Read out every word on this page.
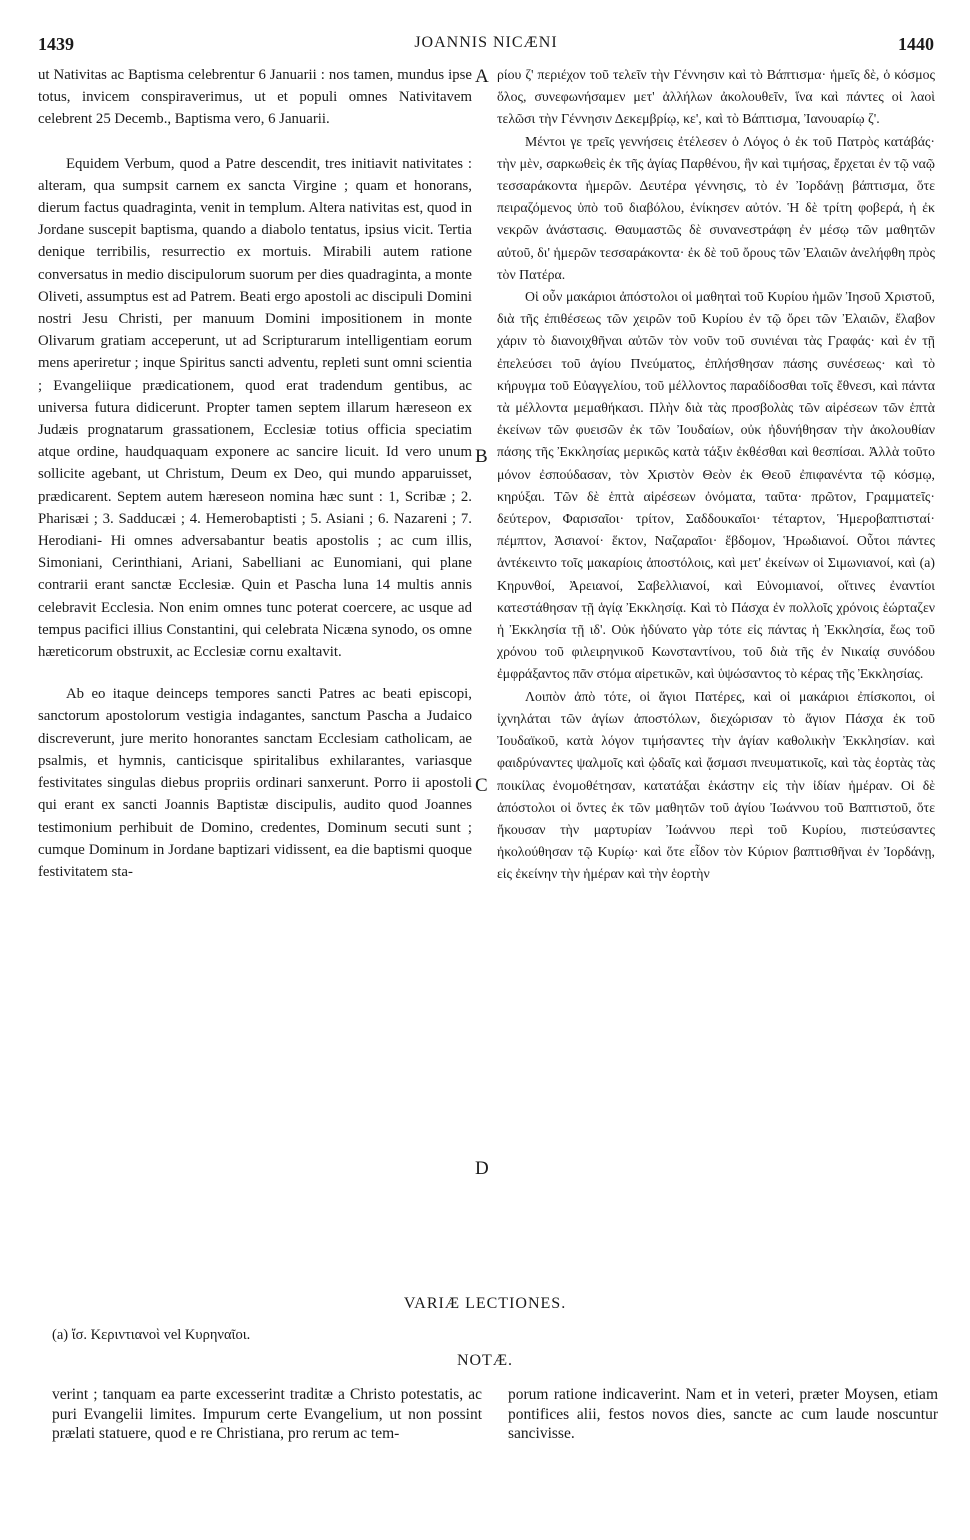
1439	JOANNIS NICÆNI	1440

ut Nativitas ac Baptisma celebrentur 6 Januarii : nos tamen, mundus ipse totus, invicem conspiraverimus, ut et populi omnes Nativitavem celebrent 25 Decemb., Baptisma vero, 6 Januarii.

Equidem Verbum, quod a Patre descendit, tres initiavit nativitates : alteram, qua sumpsit carnem ex sancta Virgine ; quam et honorans, dierum factus quadraginta, venit in templum. Altera nativitas est, quod in Jordane suscepit baptisma, quando a diabolo tentatus, ipsius vicit. Tertia denique terribilis, resurrectio ex mortuis. Mirabili autem ratione conversatus in medio discipulorum suorum per dies quadraginta, a monte Oliveti, assumptus est ad Patrem. Beati ergo apostoli ac discipuli Domini nostri Jesu Christi, per manuum Domini impositionem in monte Olivarum gratiam acceperunt, ut ad Scripturarum intelligentiam eorum mens aperiretur ; inque Spiritus sancti adventu, repleti sunt omni scientia ; Evangeliique prædicationem, quod erat tradendum gentibus, ac universa futura didicerunt. Propter tamen septem illarum hæreseon ex Judæis prognatarum grassationem, Ecclesiæ totius officia speciatim atque ordine, haudquaquam exponere ac sancire licuit. Id vero unum sollicite agebant, ut Christum, Deum ex Deo, qui mundo apparuisset, prædicarent. Septem autem hæreseon nomina hæc sunt : 1, Scribæ ; 2. Pharisæi ; 3. Sadducæi ; 4. Hemerobaptisti ; 5. Asiani ; 6. Nazareni ; 7. Herodiani- Hi omnes adversabantur beatis apostolis ; ac cum illis, Simoniani, Cerinthiani, Ariani, Sabelliani ac Eunomiani, qui plane contrarii erant sanctæ Ecclesiæ. Quin et Pascha luna 14 multis annis celebravit Ecclesia. Non enim omnes tunc poterat coercere, ac usque ad tempus pacifici illius Constantini, qui celebrata Nicæna synodo, os omne hæreticorum obstruxit, ac Ecclesiæ cornu exaltavit.

Ab eo itaque deinceps tempores sancti Patres ac beati episcopi, sanctorum apostolorum vestigia indagantes, sanctum Pascha a Judaico discreverunt, jure merito honorantes sanctam Ecclesiam catholicam, ae psalmis, et hymnis, canticisque spiritalibus exhilarantes, variasque festivitates singulas diebus propriis ordinari sanxerunt. Porro ii apostoli qui erant ex sancti Joannis Baptistæ discipulis, audito quod Joannes testimonium perhibuit de Domino, credentes, Dominum secuti sunt ; cumque Dominum in Jordane baptizari vidissent, ea die baptismi quoque festivitatem sta-

ρίου ζ' περιέχον τοῦ τελεῖν τὴν Γέννησιν καὶ τὸ Βάπτισμα· ἡμεῖς δὲ, ὁ κόσμος ὅλος, συνεφωνήσαμεν μετ' ἀλλήλων ἀκολουθεῖν, ἵνα καὶ πάντες οἱ λαοὶ τελῶσι τὴν Γέννησιν Δεκεμβρίῳ, κε', καὶ τὸ Βάπτισμα, Ἰανουαρίῳ ζ'.

Μέντοι γε τρεῖς γεννήσεις ἐτέλεσεν ὁ Λόγος ὁ ἐκ τοῦ Πατρὸς κατάβάς· τὴν μὲν, σαρκωθεὶς ἐκ τῆς ἁγίας Παρθένου, ἣν καὶ τιμήσας, ἔρχεται ἐν τῷ ναῷ τεσσαράκοντα ἡμερῶν. Δευτέρα γέννησις, τὸ ἐν Ἰορδάνῃ βάπτισμα, ὅτε πειραζόμενος ὑπὸ τοῦ διαβόλου, ἐνίκησεν αὐτόν. Ἡ δὲ τρίτη φοβερά, ἡ ἐκ νεκρῶν ἀνάστασις. Θαυμαστῶς δὲ συνανεστράφη ἐν μέσῳ τῶν μαθητῶν αὐτοῦ, δι' ἡμερῶν τεσσαράκοντα· ἐκ δὲ τοῦ ὄρους τῶν Ἐλαιῶν ἀνελήφθη πρὸς τὸν Πατέρα.

Οἱ οὖν μακάριοι ἀπόστολοι οἱ μαθηταὶ τοῦ Κυρίου ἡμῶν Ἰησοῦ Χριστοῦ, διὰ τῆς ἐπιθέσεως τῶν χειρῶν τοῦ Κυρίου ἐν τῷ ὄρει τῶν Ἐλαιῶν, ἔλαβον χάριν τὸ διανοιχθῆναι αὐτῶν τὸν νοῦν τοῦ συνιέναι τὰς Γραφάς· καὶ ἐν τῇ ἐπελεύσει τοῦ ἁγίου Πνεύματος, ἐπλήσθησαν πάσης συνέσεως· καὶ τὸ κήρυγμα τοῦ Εὐαγγελίου, τοῦ μέλλοντος παραδίδοσθαι τοῖς ἔθνεσι, καὶ πάντα τὰ μέλλοντα μεμαθήκασι. Πλὴν διὰ τὰς προσβολὰς τῶν αἱρέσεων τῶν ἑπτὰ ἐκείνων τῶν φυεισῶν ἐκ τῶν Ἰουδαίων, οὐκ ἠδυνήθησαν τὴν ἀκολουθίαν πάσης τῆς Ἐκκλησίας μερικῶς κατὰ τάξιν ἐκθέσθαι καὶ θεσπίσαι. Ἀλλὰ τοῦτο μόνον ἐσπούδασαν, τὸν Χριστὸν Θεὸν ἐκ Θεοῦ ἐπιφανέντα τῷ κόσμῳ, κηρύξαι. Τῶν δὲ ἑπτὰ αἱρέσεων ὀνόματα, ταῦτα· πρῶτον, Γραμματεῖς· δεύτερον, Φαρισαῖοι· τρίτον, Σαδδουκαῖοι· τέταρτον, Ἡμεροβαπτισταί· πέμπτον, Ἀσιανοί· ἕκτον, Ναζαραῖοι· ἕβδομον, Ἡρωδιανοί. Οὗτοι πάντες ἀντέκειντο τοῖς μακαρίοις ἀποστόλοις, καὶ μετ' ἐκείνων οἱ Σιμωνιανοί, καὶ (a) Κηρυνθοί, Ἀρειανοί, Σαβελλιανοί, καὶ Εὐνομιανοί, οἵτινες ἐναντίοι κατεστάθησαν τῇ ἁγίᾳ Ἐκκλησίᾳ. Καὶ τὸ Πάσχα ἐν πολλοῖς χρόνοις ἑώρταζεν ἡ Ἐκκλησία τῇ ιδ'. Οὐκ ἠδύνατο γὰρ τότε εἰς πάντας ἡ Ἐκκλησία, ἕως τοῦ χρόνου τοῦ φιλειρηνικοῦ Κωνσταντίνου, τοῦ διὰ τῆς ἐν Νικαίᾳ συνόδου ἐμφράξαντος πᾶν στόμα αἱρετικῶν, καὶ ὑψώσαντος τὸ κέρας τῆς Ἐκκλησίας.

Λοιπὸν ἀπὸ τότε, οἱ ἅγιοι Πατέρες, καὶ οἱ μακάριοι ἐπίσκοποι, οἱ ἰχνηλάται τῶν ἁγίων ἀποστόλων, διεχώρισαν τὸ ἅγιον Πάσχα ἐκ τοῦ Ἰουδαϊκοῦ, κατὰ λόγον τιμήσαντες τὴν ἁγίαν καθολικὴν Ἐκκλησίαν. καὶ φαιδρύναντες ψαλμοῖς καὶ ᾠδαῖς καὶ ᾄσμασι πνευματικοῖς, καὶ τὰς ἑορτὰς τὰς ποικίλας ἐνομοθέτησαν, κατατάξαι ἑκάστην εἰς τὴν ἰδίαν ἡμέραν. Οἱ δὲ ἀπόστολοι οἱ ὄντες ἐκ τῶν μαθητῶν τοῦ ἁγίου Ἰωάννου τοῦ Βαπτιστοῦ, ὅτε ἤκουσαν τὴν μαρτυρίαν Ἰωάννου περὶ τοῦ Κυρίου, πιστεύσαντες ἠκολούθησαν τῷ Κυρίῳ· καὶ ὅτε εἶδον τὸν Κύριον βαπτισθῆναι ἐν Ἰορδάνῃ, εἰς ἐκείνην τὴν ἡμέραν καὶ τὴν ἑορτὴν

A
B
C
D
VARIÆ LECTIONES.
(a) ἴσ. Κεριντιανοὶ vel Κυρηναῖοι.
NOTÆ.
verint ; tanquam ea parte excesserint traditæ a Christo potestatis, ac puri Evangelii limites. Impurum certe Evangelium, ut non possint prælati statuere, quod e re Christiana, pro rerum ac tem-
porum ratione indicaverint. Nam et in veteri, præter Moysen, etiam pontifices alii, festos novos dies, sancte ac cum laude noscuntur sancivisse.
